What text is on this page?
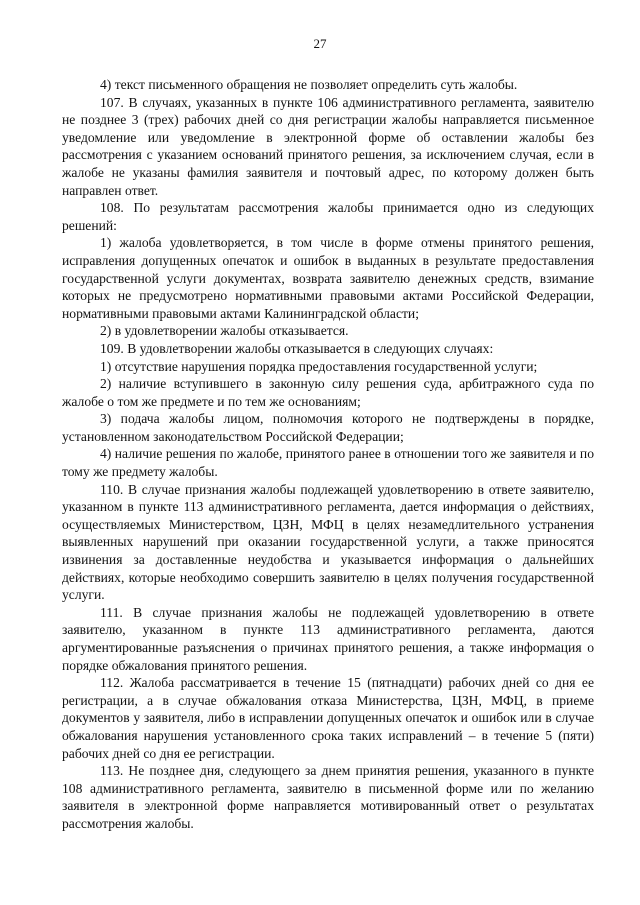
27

4) текст письменного обращения не позволяет определить суть жалобы.

107. В случаях, указанных в пункте 106 административного регламента, заявителю не позднее 3 (трех) рабочих дней со дня регистрации жалобы направляется письменное уведомление или уведомление в электронной форме об оставлении жалобы без рассмотрения с указанием оснований принятого решения, за исключением случая, если в жалобе не указаны фамилия заявителя и почтовый адрес, по которому должен быть направлен ответ.

108. По результатам рассмотрения жалобы принимается одно из следующих решений:

1) жалоба удовлетворяется, в том числе в форме отмены принятого решения, исправления допущенных опечаток и ошибок в выданных в результате предоставления государственной услуги документах, возврата заявителю денежных средств, взимание которых не предусмотрено нормативными правовыми актами Российской Федерации, нормативными правовыми актами Калининградской области;

2) в удовлетворении жалобы отказывается.

109. В удовлетворении жалобы отказывается в следующих случаях:

1) отсутствие нарушения порядка предоставления государственной услуги;

2) наличие вступившего в законную силу решения суда, арбитражного суда по жалобе о том же предмете и по тем же основаниям;

3) подача жалобы лицом, полномочия которого не подтверждены в порядке, установленном законодательством Российской Федерации;

4) наличие решения по жалобе, принятого ранее в отношении того же заявителя и по тому же предмету жалобы.

110. В случае признания жалобы подлежащей удовлетворению в ответе заявителю, указанном в пункте 113 административного регламента, дается информация о действиях, осуществляемых Министерством, ЦЗН, МФЦ в целях незамедлительного устранения выявленных нарушений при оказании государственной услуги, а также приносятся извинения за доставленные неудобства и указывается информация о дальнейших действиях, которые необходимо совершить заявителю в целях получения государственной услуги.

111. В случае признания жалобы не подлежащей удовлетворению в ответе заявителю, указанном в пункте 113 административного регламента, даются аргументированные разъяснения о причинах принятого решения, а также информация о порядке обжалования принятого решения.

112. Жалоба рассматривается в течение 15 (пятнадцати) рабочих дней со дня ее регистрации, а в случае обжалования отказа Министерства, ЦЗН, МФЦ, в приеме документов у заявителя, либо в исправлении допущенных опечаток и ошибок или в случае обжалования нарушения установленного срока таких исправлений – в течение 5 (пяти) рабочих дней со дня ее регистрации.

113. Не позднее дня, следующего за днем принятия решения, указанного в пункте 108 административного регламента, заявителю в письменной форме или по желанию заявителя в электронной форме направляется мотивированный ответ о результатах рассмотрения жалобы.
